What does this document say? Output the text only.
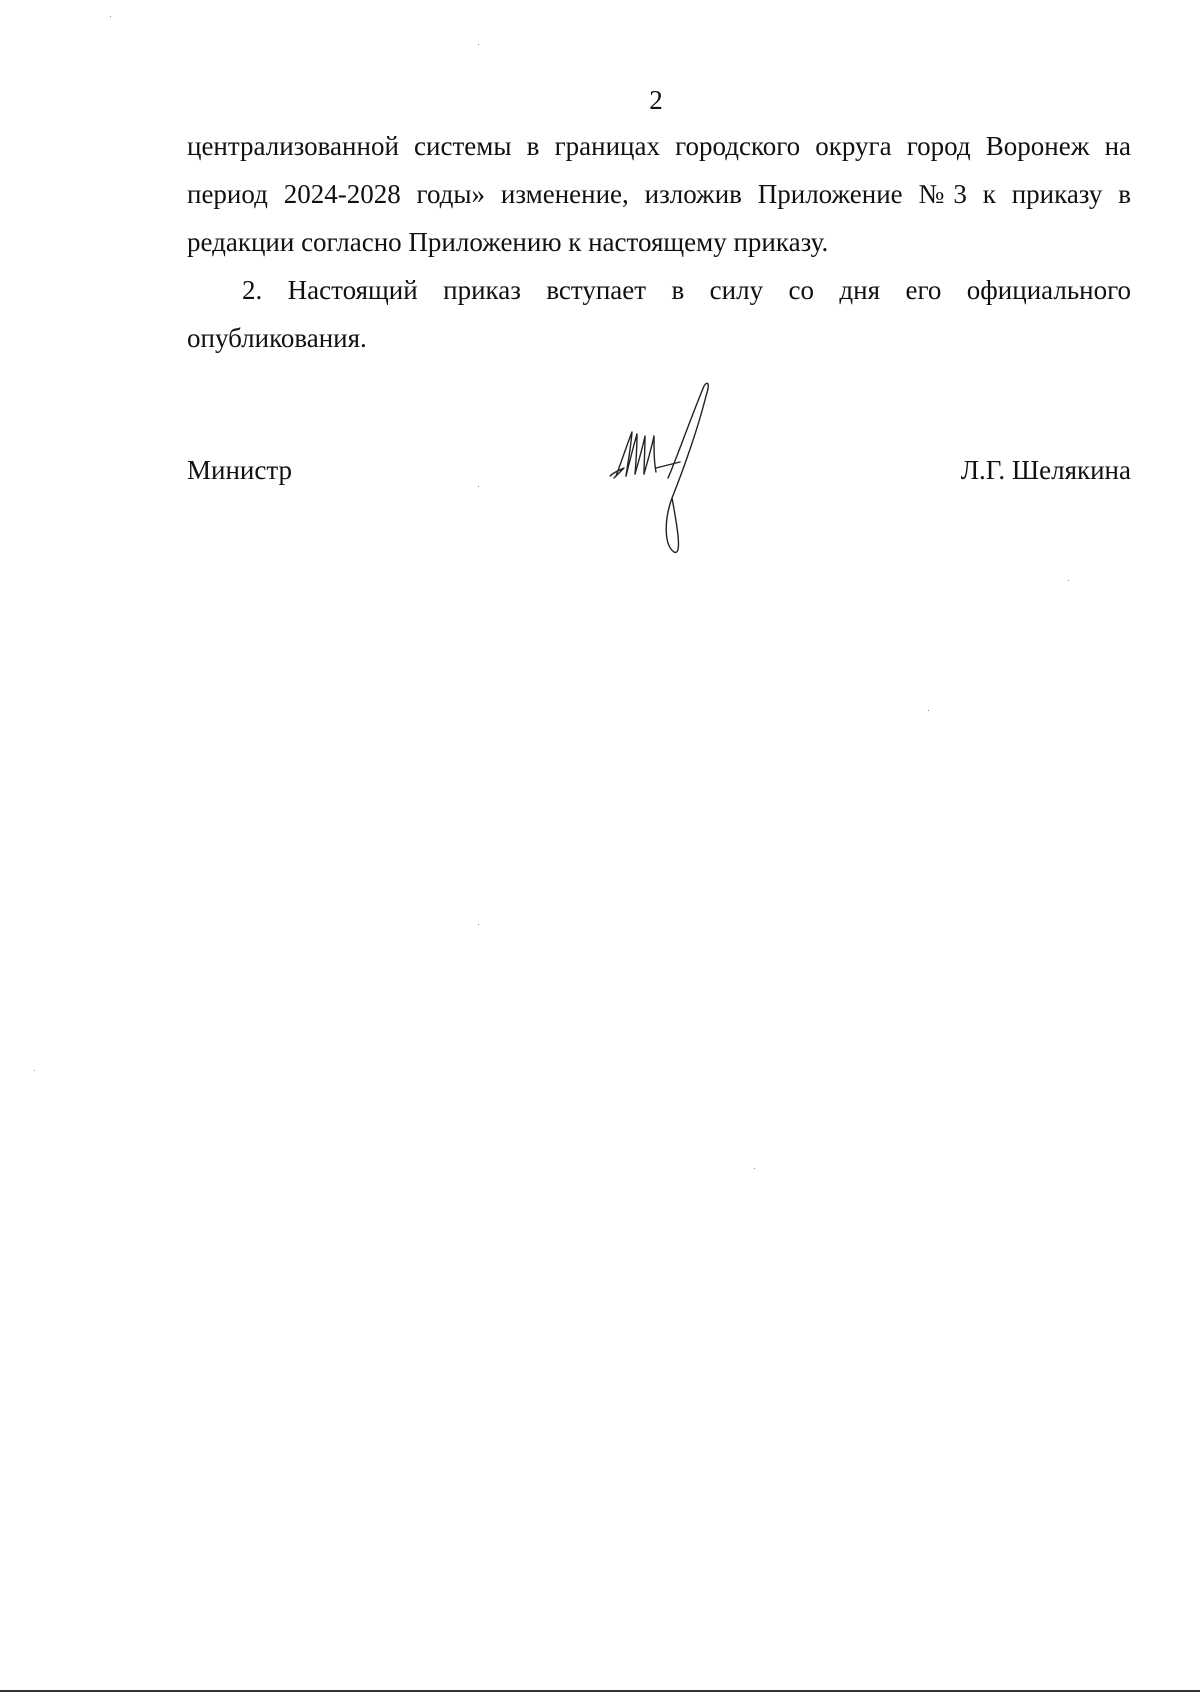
2

централизованной системы в границах городского округа город Воронеж на период 2024-2028 годы» изменение, изложив Приложение №3 к приказу в редакции согласно Приложению к настоящему приказу.

2. Настоящий приказ вступает в силу со дня его официального опубликования.

Министр	Л.Г. Шелякина
